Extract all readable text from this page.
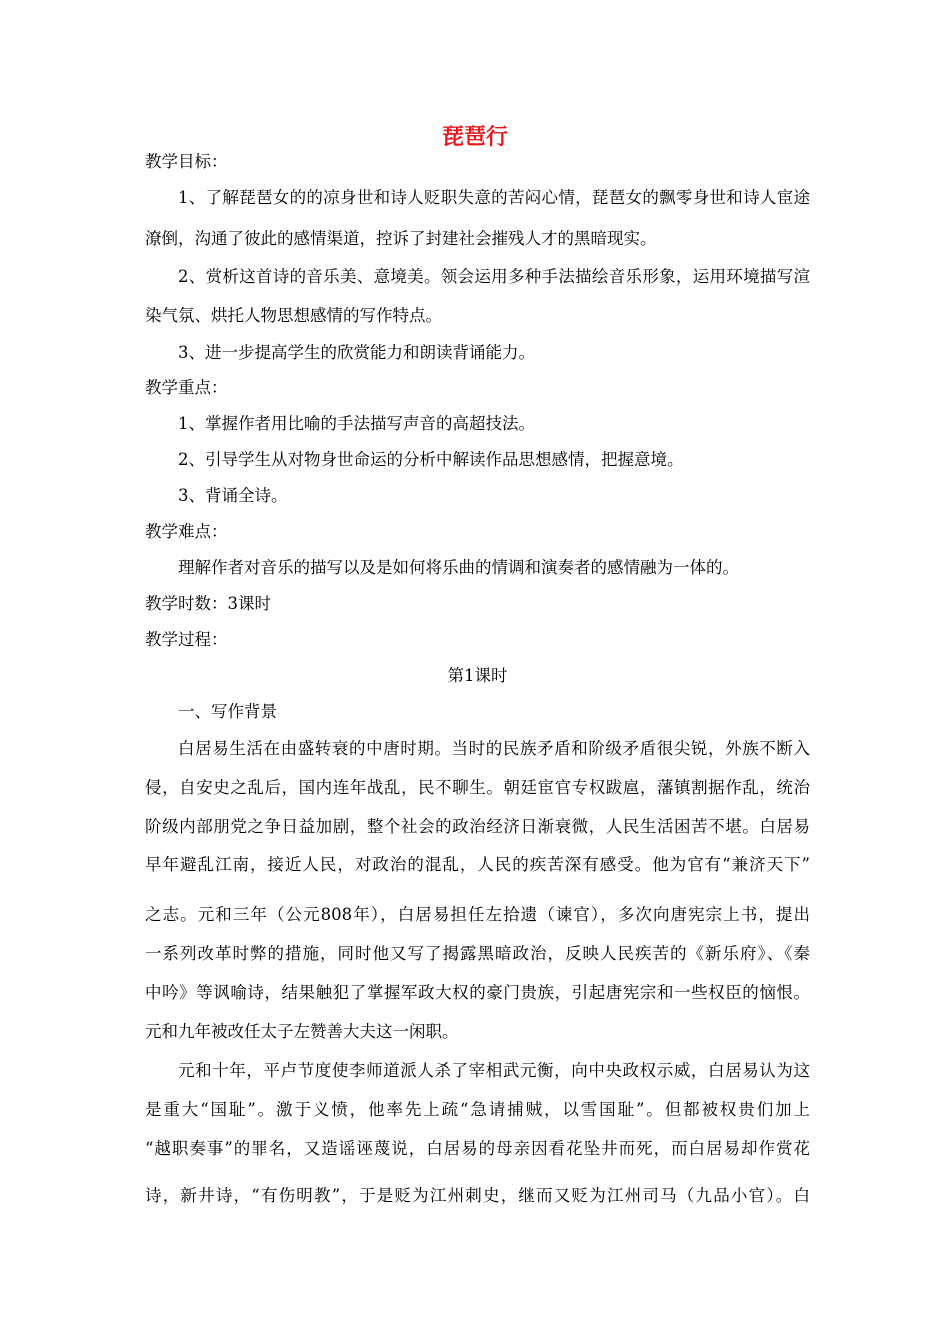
琵琶行
教学目标：
1、了解琵琶女的的凉身世和诗人贬职失意的苦闷心情，琵琶女的飘零身世和诗人宦途
潦倒，沟通了彼此的感情渠道，控诉了封建社会摧残人才的黑暗现实。
2、赏析这首诗的音乐美、意境美。领会运用多种手法描绘音乐形象，运用环境描写渲
染气氛、烘托人物思想感情的写作特点。
3、进一步提高学生的欣赏能力和朗读背诵能力。
教学重点：
1、掌握作者用比喻的手法描写声音的高超技法。
2、引导学生从对物身世命运的分析中解读作品思想感情，把握意境。
3、背诵全诗。
教学难点：
理解作者对音乐的描写以及是如何将乐曲的情调和演奏者的感情融为一体的。
教学时数：3课时
教学过程：
第1课时
一、写作背景
白居易生活在由盛转衰的中唐时期。当时的民族矛盾和阶级矛盾很尖锐，外族不断入
侵，自安史之乱后，国内连年战乱，民不聊生。朝廷宦官专权跋扈，藩镇割据作乱，统治
阶级内部朋党之争日益加剧，整个社会的政治经济日渐衰微，人民生活困苦不堪。白居易
早年避乱江南，接近人民，对政治的混乱，人民的疾苦深有感受。他为官有“兼济天下”
之志。元和三年（公元808年），白居易担任左拾遗（谏官），多次向唐宪宗上书，提出
一系列改革时弊的措施，同时他又写了揭露黑暗政治，反映人民疾苦的《新乐府》、《秦
中吟》等讽喻诗，结果触犯了掌握军政大权的豪门贵族，引起唐宪宗和一些权臣的恼恨。
元和九年被改任太子左赞善大夫这一闲职。
元和十年，平卢节度使李师道派人杀了宰相武元衡，向中央政权示威，白居易认为这
是重大“国耻”。激于义愤，他率先上疏“急请捕贼，以雪国耻”。但都被权贵们加上
“越职奏事”的罪名，又造谣诬蔑说，白居易的母亲因看花坠井而死，而白居易却作赏花
诗，新井诗，“有伤明教”，于是贬为江州刺史，继而又贬为江州司马（九品小官）。白
